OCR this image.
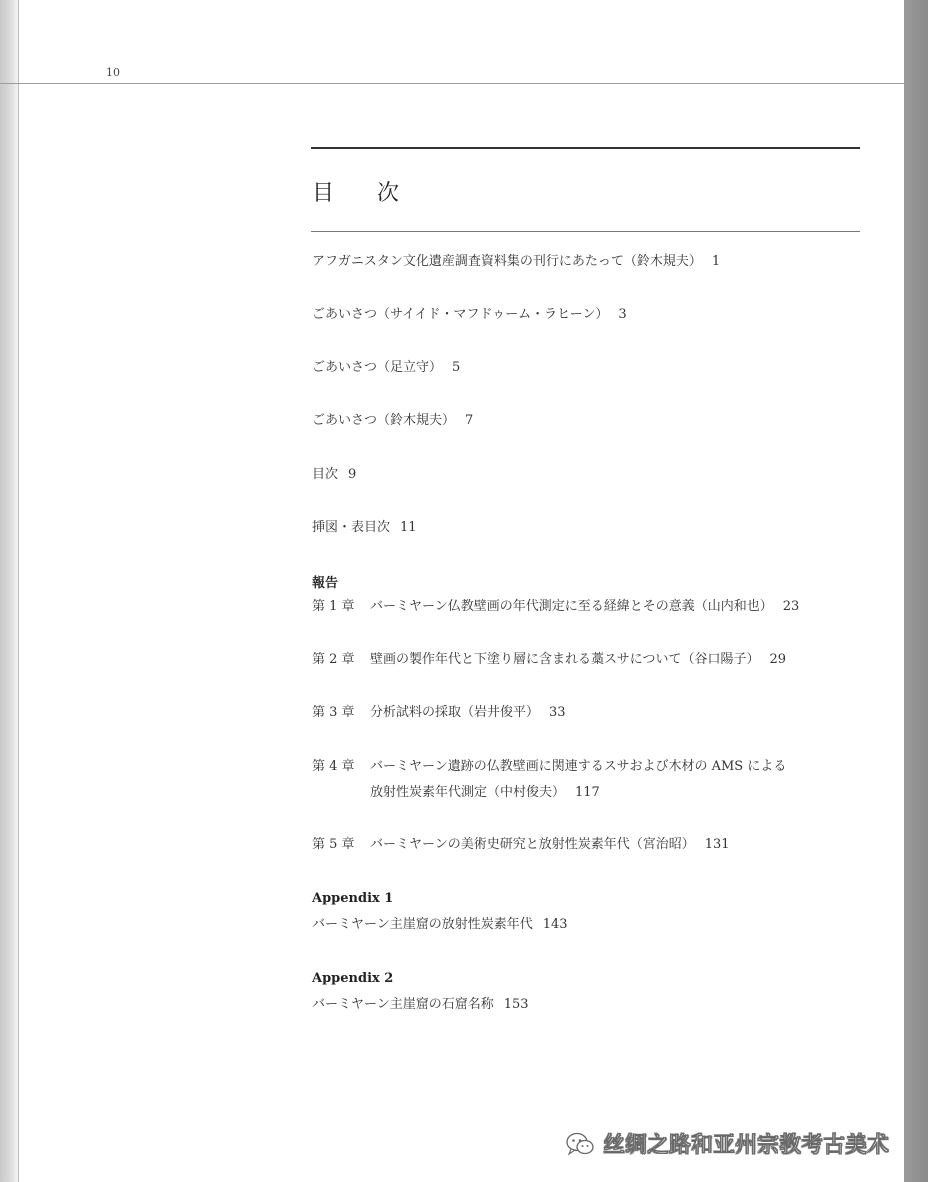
10
目 次
アフガニスタン文化遺産調査資料集の刊行にあたって（鈴木規夫） 1
ごあいさつ（サイイド・マフドゥーム・ラヒーン） 3
ごあいさつ（足立守） 5
ごあいさつ（鈴木規夫） 7
目次 9
挿図・表目次 11
報告
第 1 章 バーミヤーン仏教壁画の年代測定に至る経緯とその意義（山内和也） 23
第 2 章 壁画の製作年代と下塗り層に含まれる藁スサについて（谷口陽子） 29
第 3 章 分析試料の採取（岩井俊平） 33
第 4 章 バーミヤーン遺跡の仏教壁画に関連するスサおよび木材の AMS による
放射性炭素年代測定（中村俊夫） 117
第 5 章 バーミヤーンの美術史研究と放射性炭素年代（宮治昭） 131
Appendix 1
バーミヤーン主崖窟の放射性炭素年代 143
Appendix 2
バーミヤーン主崖窟の石窟名称 153
丝绸之路和亚州宗教考古美术
